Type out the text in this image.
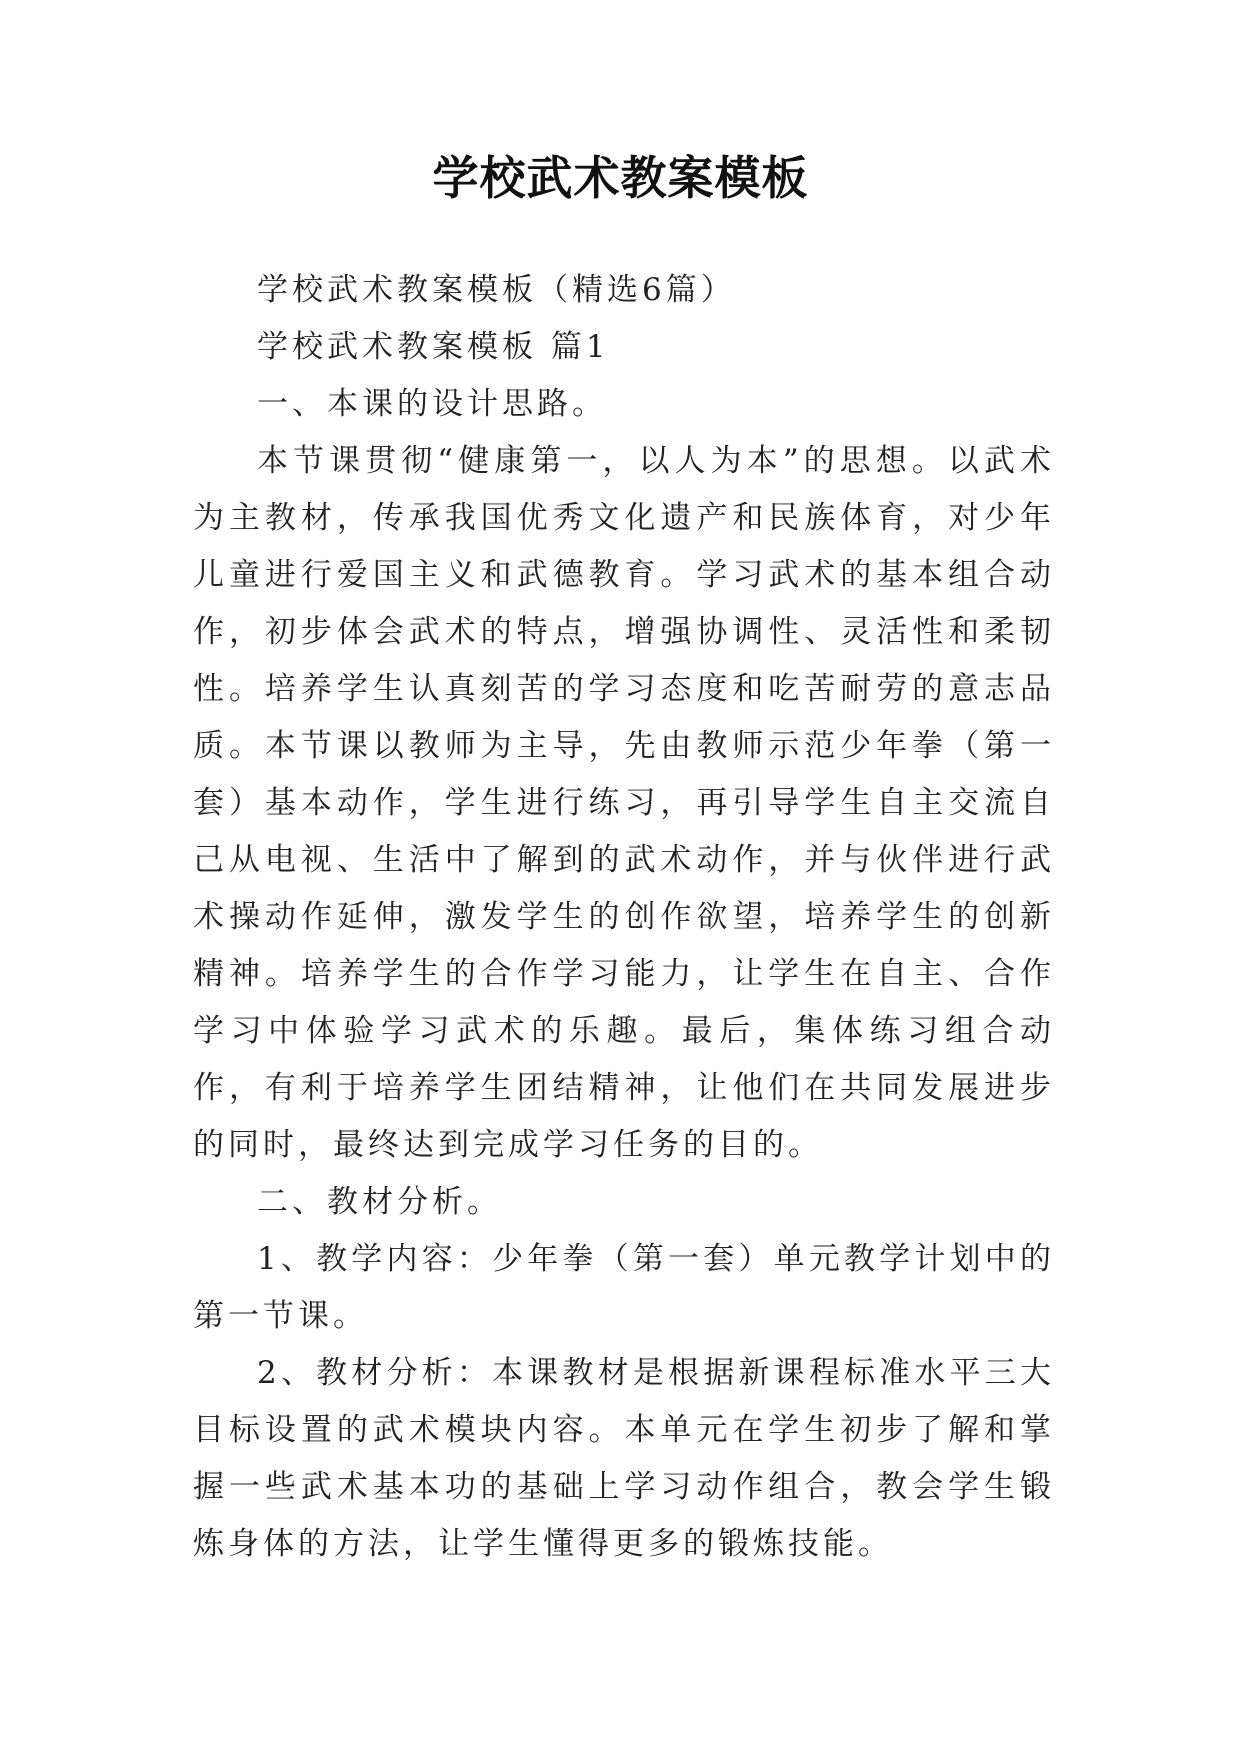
学校武术教案模板

学校武术教案模板（精选6篇）

学校武术教案模板 篇1

一、本课的设计思路。

本节课贯彻“健康第一，以人为本”的思想。以武术为主教材，传承我国优秀文化遗产和民族体育，对少年儿童进行爱国主义和武德教育。学习武术的基本组合动作，初步体会武术的特点，增强协调性、灵活性和柔韧性。培养学生认真刻苦的学习态度和吃苦耐劳的意志品质。本节课以教师为主导，先由教师示范少年拳（第一套）基本动作，学生进行练习，再引导学生自主交流自己从电视、生活中了解到的武术动作，并与伙伴进行武术操动作延伸，激发学生的创作欲望，培养学生的创新精神。培养学生的合作学习能力，让学生在自主、合作学习中体验学习武术的乐趣。最后，集体练习组合动作，有利于培养学生团结精神，让他们在共同发展进步的同时，最终达到完成学习任务的目的。

二、教材分析。

1、教学内容：少年拳（第一套）单元教学计划中的第一节课。

2、教材分析：本课教材是根据新课程标准水平三大目标设置的武术模块内容。本单元在学生初步了解和掌握一些武术基本功的基础上学习动作组合，教会学生锻炼身体的方法，让学生懂得更多的锻炼技能。
